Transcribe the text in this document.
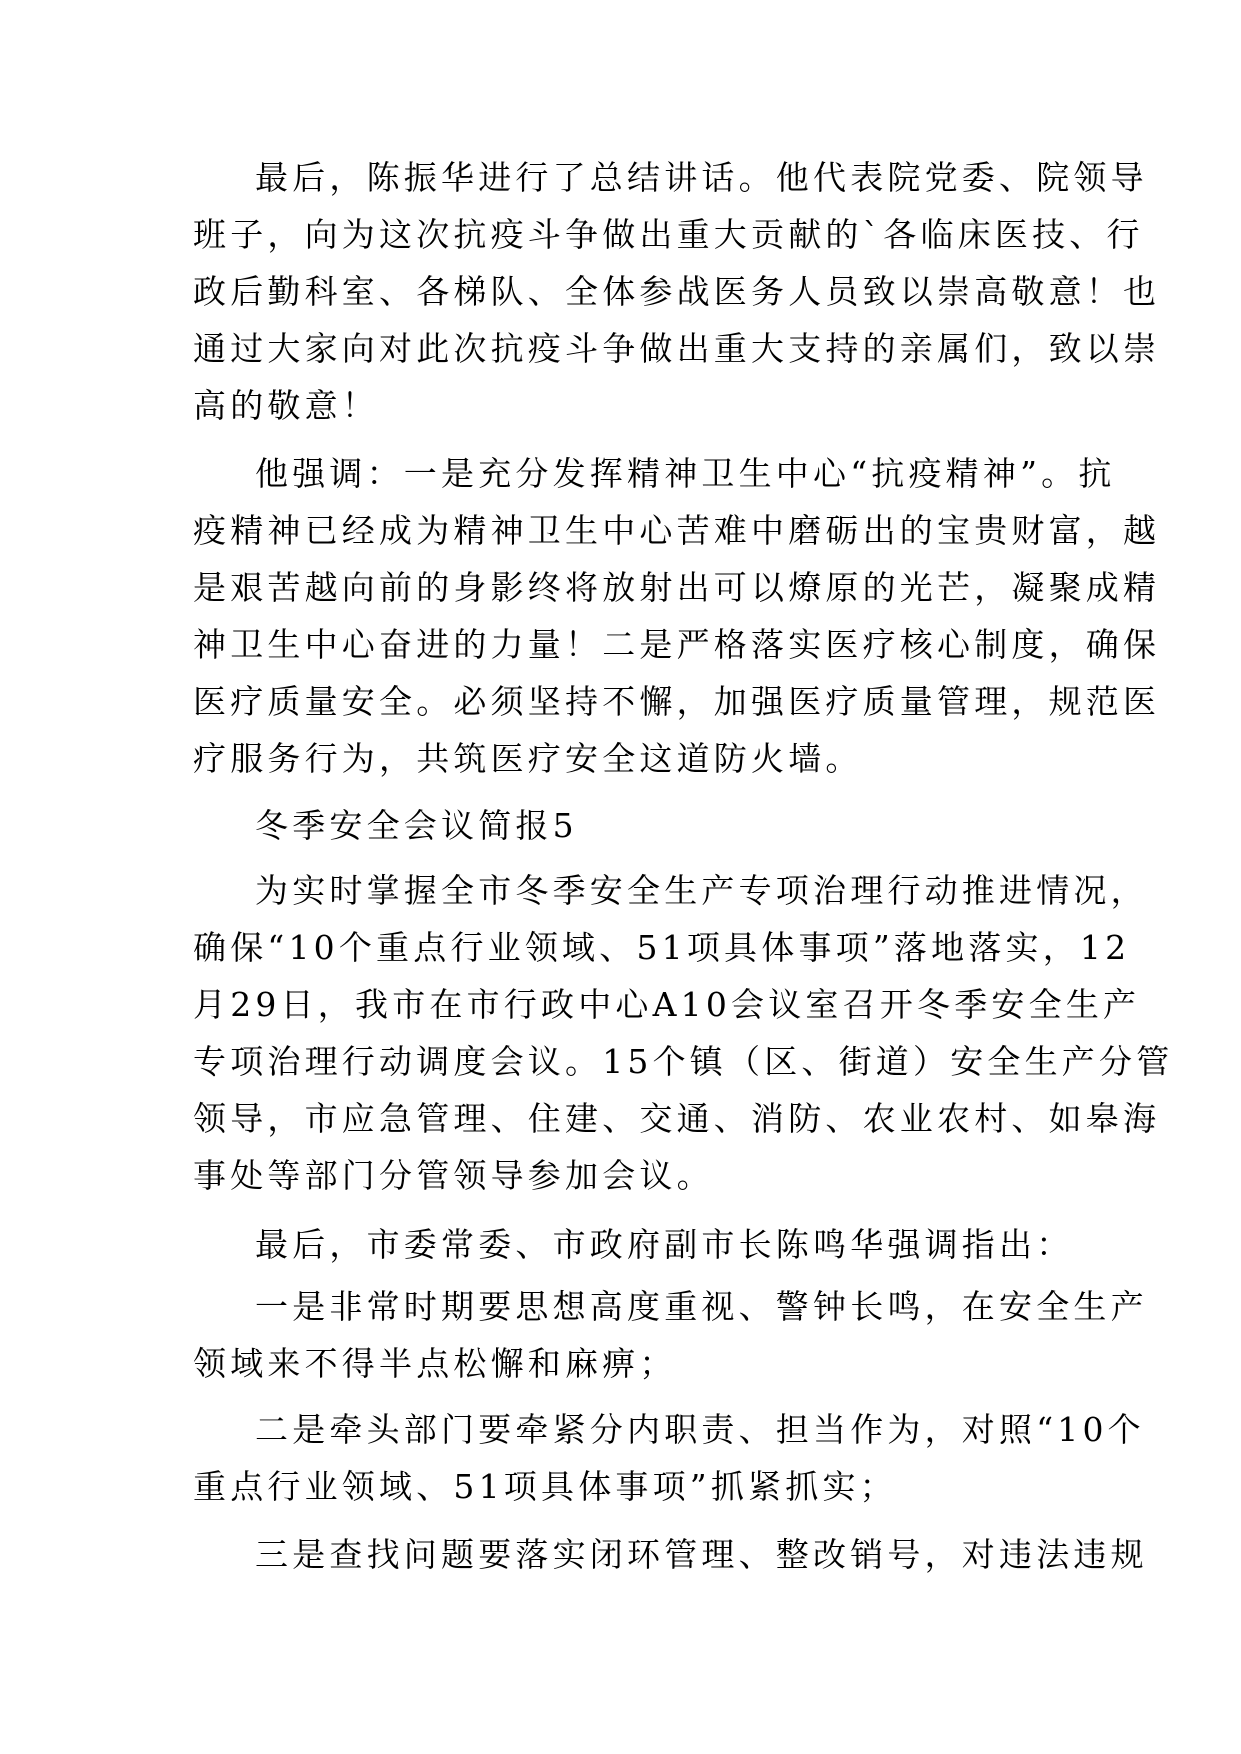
最后，陈振华进行了总结讲话。他代表院党委、院领导

班子，向为这次抗疫斗争做出重大贡献的`各临床医技、行

政后勤科室、各梯队、全体参战医务人员致以崇高敬意！也

通过大家向对此次抗疫斗争做出重大支持的亲属们，致以崇

高的敬意！

他强调：一是充分发挥精神卫生中心“抗疫精神”。抗

疫精神已经成为精神卫生中心苦难中磨砺出的宝贵财富，越

是艰苦越向前的身影终将放射出可以燎原的光芒，凝聚成精

神卫生中心奋进的力量！二是严格落实医疗核心制度，确保

医疗质量安全。必须坚持不懈，加强医疗质量管理，规范医

疗服务行为，共筑医疗安全这道防火墙。

冬季安全会议简报5

为实时掌握全市冬季安全生产专项治理行动推进情况，

确保“10个重点行业领域、51项具体事项”落地落实，12

月29日，我市在市行政中心A10会议室召开冬季安全生产

专项治理行动调度会议。15个镇（区、街道）安全生产分管

领导，市应急管理、住建、交通、消防、农业农村、如皋海

事处等部门分管领导参加会议。

最后，市委常委、市政府副市长陈鸣华强调指出：

一是非常时期要思想高度重视、警钟长鸣，在安全生产

领域来不得半点松懈和麻痹；

二是牵头部门要牵紧分内职责、担当作为，对照“10个

重点行业领域、51项具体事项”抓紧抓实；

三是查找问题要落实闭环管理、整改销号，对违法违规
